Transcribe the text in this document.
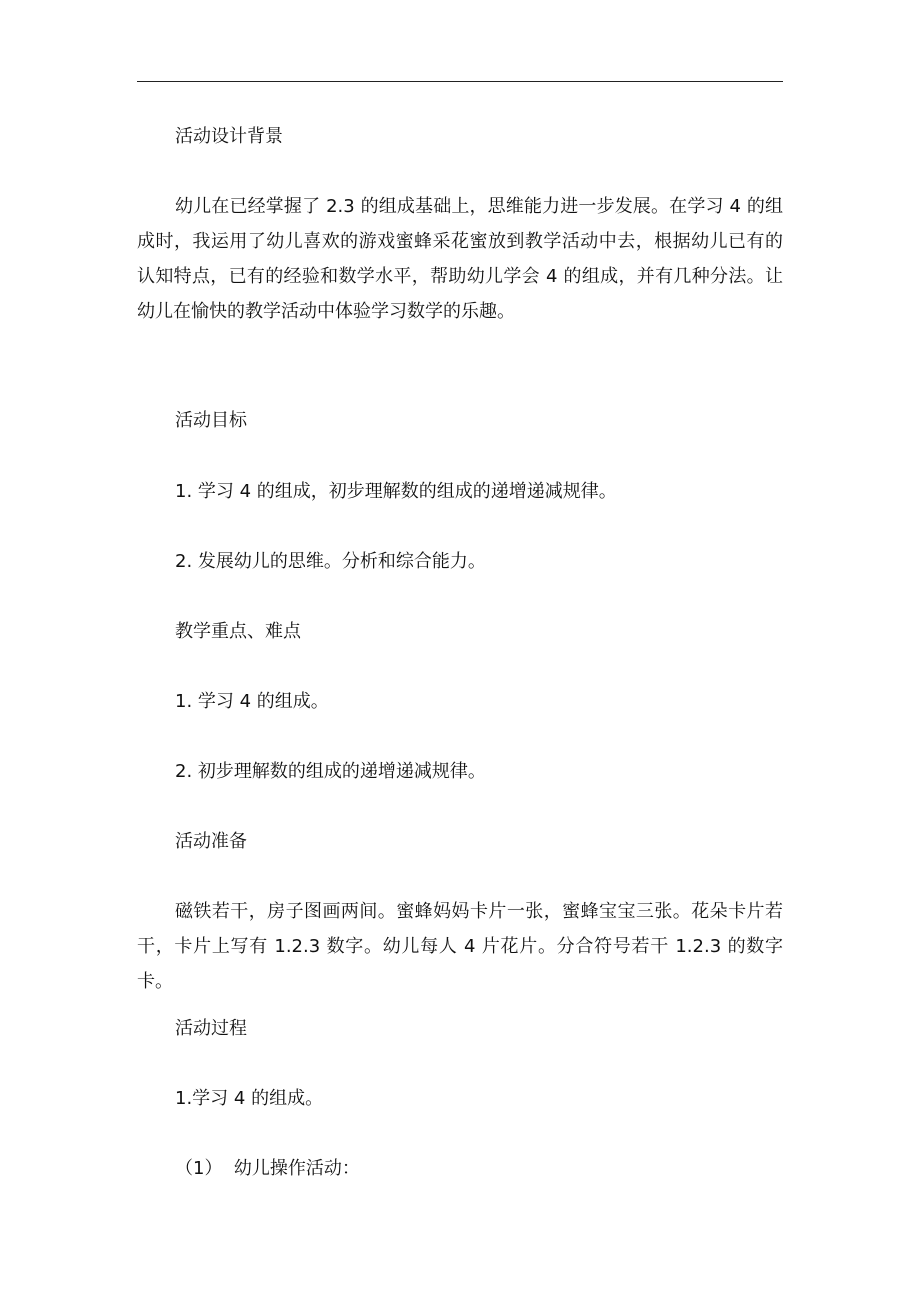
活动设计背景

幼儿在已经掌握了 2.3 的组成基础上，思维能力进一步发展。在学习 4 的组成时，我运用了幼儿喜欢的游戏蜜蜂采花蜜放到教学活动中去，根据幼儿已有的认知特点，已有的经验和数学水平，帮助幼儿学会 4 的组成，并有几种分法。让幼儿在愉快的教学活动中体验学习数学的乐趣。

活动目标

1. 学习 4 的组成，初步理解数的组成的递增递减规律。

2. 发展幼儿的思维。分析和综合能力。

教学重点、难点

1. 学习 4 的组成。

2. 初步理解数的组成的递增递减规律。

活动准备

磁铁若干，房子图画两间。蜜蜂妈妈卡片一张，蜜蜂宝宝三张。花朵卡片若干，卡片上写有 1.2.3 数字。幼儿每人 4 片花片。分合符号若干 1.2.3 的数字卡。

活动过程

1.学习 4 的组成。

（1）  幼儿操作活动：
